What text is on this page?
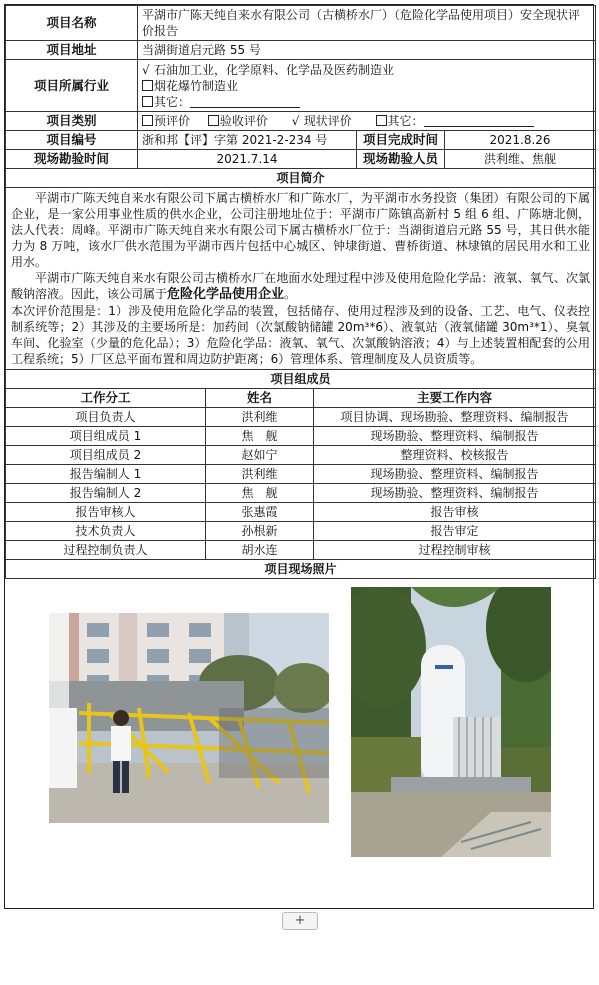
项目名称	平湖市广陈天纯自来水有限公司（古横桥水厂）（危险化学品使用项目）安全现状评价报告		
项目地址	当湖街道启元路 55 号		
项目所属行业	√ 石油加工业，化学原料、化学品及医药制造业
烟花爆竹制造业
其它：		

项目类别	预评价 验收评价 √ 现状评价 其它：		
项目编号	浙和邦【评】字第 2021-2-234 号	项目完成时间	2021.8.26
现场勘验时间	2021.7.14	现场勘验人员	洪利维、焦舰
项目简介			

平湖市广陈天纯自来水有限公司下属古横桥水厂和广陈水厂，为平湖市水务投资（集团）有限公司的下属企业，是一家公用事业性质的供水企业，公司注册地址位于：平湖市广陈镇高新村 5 组 6 组、广陈塘北侧，法人代表：周峰。平湖市广陈天纯自来水有限公司下属古横桥水厂位于：当湖街道启元路 55 号，其日供水能力为 8 万吨，该水厂供水范围为平湖市西片包括中心城区、钟埭街道、曹桥街道、林埭镇的居民用水和工业用水。

平湖市广陈天纯自来水有限公司古横桥水厂在地面水处理过程中涉及使用危险化学品：液氧、氧气、次氯酸钠溶液。因此，该公司属于危险化学品使用企业。

本次评价范围是：1）涉及使用危险化学品的装置，包括储存、使用过程涉及到的设备、工艺、电气、仪表控制系统等；2）其涉及的主要场所是：加药间（次氯酸钠储罐 20m³*6）、液氧站（液氧储罐 30m³*1）、臭氧车间、化验室（少量的危化品）；3）危险化学品：液氧、氧气、次氯酸钠溶液；4）与上述装置相配套的公用工程系统；5）厂区总平面布置和周边防护距离；6）管理体系、管理制度及人员资质等。			

项目组成员		
工作分工	姓名	主要工作内容
项目负责人	洪利维	项目协调、现场勘验、整理资料、编制报告
项目组成员 1	焦　舰	现场勘验、整理资料、编制报告
项目组成员 2	赵如宁	整理资料、校核报告
报告编制人 1	洪利维	现场勘验、整理资料、编制报告
报告编制人 2	焦　舰	现场勘验、整理资料、编制报告
报告审核人	张惠霞	报告审核
技术负责人	孙根新	报告审定
过程控制负责人	胡水连	过程控制审核
项目现场照片		
+
